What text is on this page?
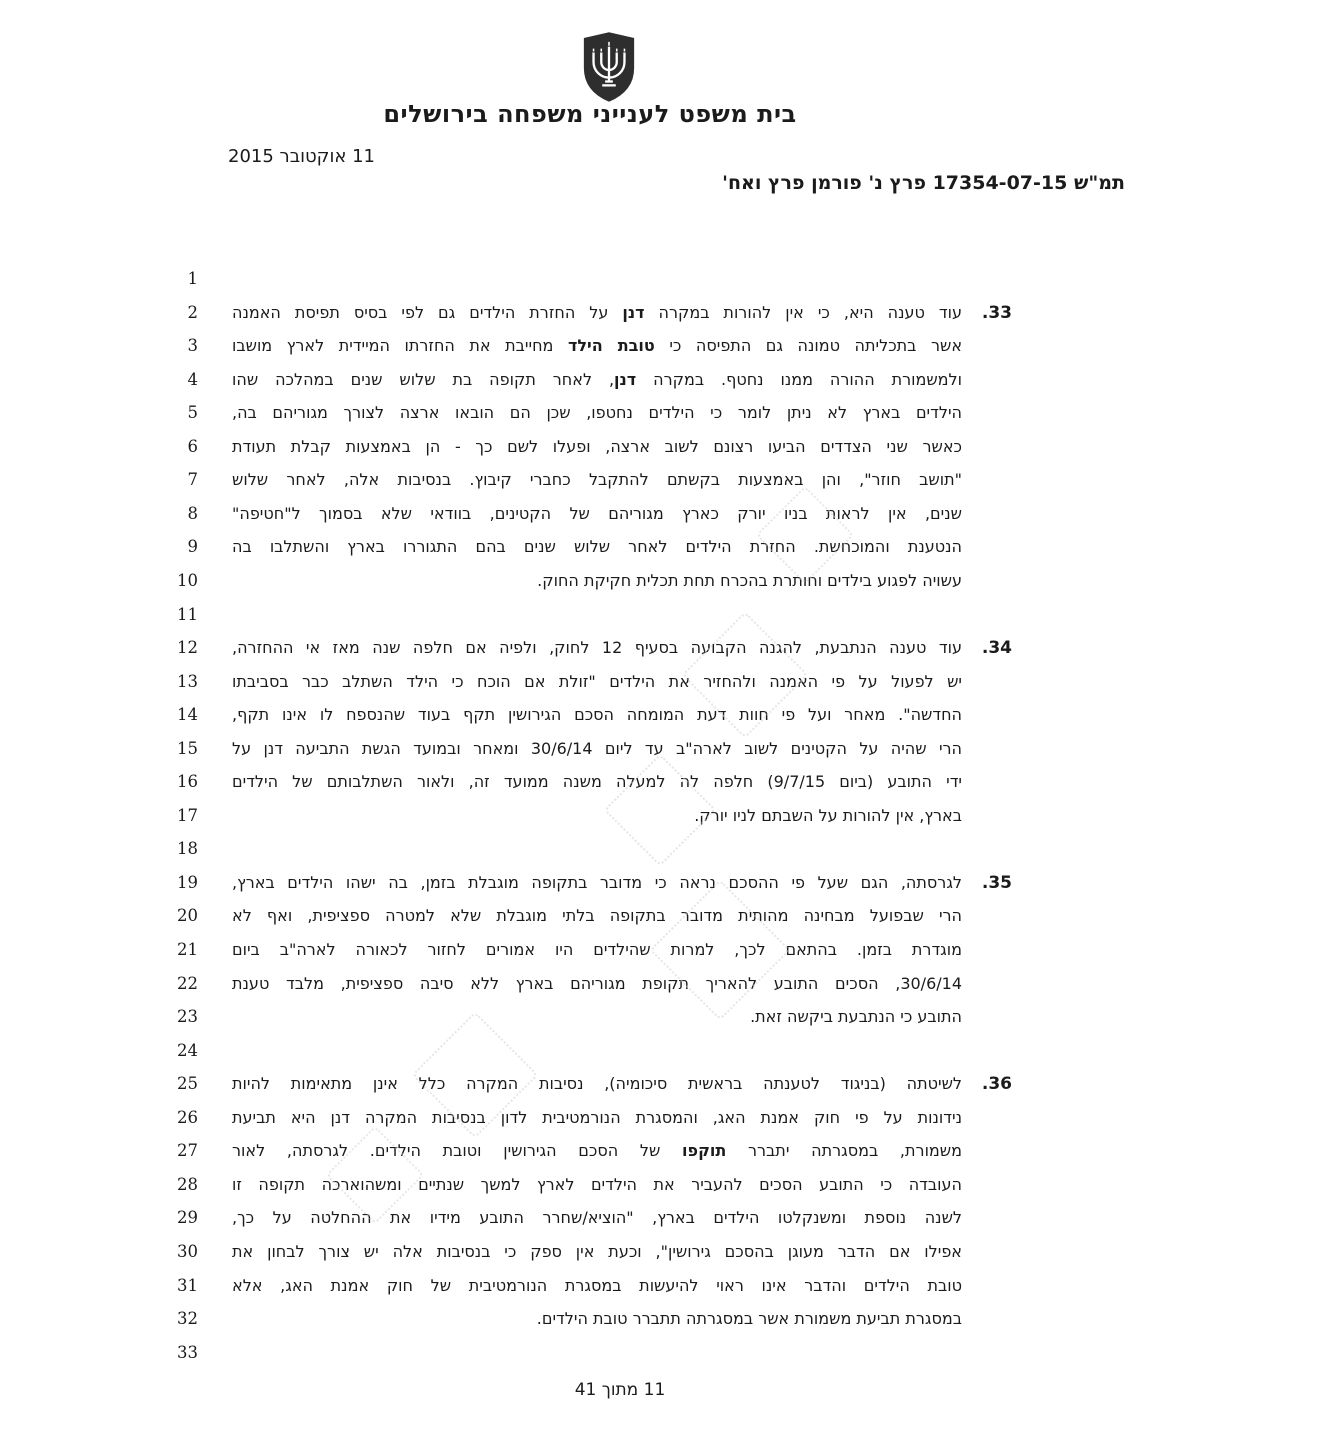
בית משפט לענייני משפחה בירושלים
11 אוקטובר 2015
תמ"ש 17354-07-15 פרץ נ' פורמן פרץ ואח'
1
2
3
4
5
6
7
8
9
10
11
12
13
14
15
16
17
18
19
20
21
22
23
24
25
26
27
28
29
30
31
32
33
33.
עוד טענה היא, כי אין להורות במקרה דנן על החזרת הילדים גם לפי בסיס תפיסת האמנה
אשר בתכליתה טמונה גם התפיסה כי טובת הילד מחייבת את החזרתו המיידית לארץ מושבו
ולמשמורת ההורה ממנו נחטף. במקרה דנן, לאחר תקופה בת שלוש שנים במהלכה שהו
הילדים בארץ לא ניתן לומר כי הילדים נחטפו, שכן הם הובאו ארצה לצורך מגוריהם בה,
כאשר שני הצדדים הביעו רצונם לשוב ארצה, ופעלו לשם כך - הן באמצעות קבלת תעודת
"תושב חוזר", והן באמצעות בקשתם להתקבל כחברי קיבוץ. בנסיבות אלה, לאחר שלוש
שנים, אין לראות בניו יורק כארץ מגוריהם של הקטינים, בוודאי שלא בסמוך ל"חטיפה"
הנטענת והמוכחשת. החזרת הילדים לאחר שלוש שנים בהם התגוררו בארץ והשתלבו בה
עשויה לפגוע בילדים וחותרת בהכרח תחת תכלית חקיקת החוק.
34.
עוד טענה הנתבעת, להגנה הקבועה בסעיף 12 לחוק, ולפיה אם חלפה שנה מאז אי ההחזרה,
יש לפעול על פי האמנה ולהחזיר את הילדים "זולת אם הוכח כי הילד השתלב כבר בסביבתו
החדשה". מאחר ועל פי חוות דעת המומחה הסכם הגירושין תקף בעוד שהנספח לו אינו תקף,
הרי שהיה על הקטינים לשוב לארה"ב עד ליום 30/6/14 ומאחר ובמועד הגשת התביעה דנן על
ידי התובע (ביום 9/7/15) חלפה לה למעלה משנה ממועד זה, ולאור השתלבותם של הילדים
בארץ, אין להורות על השבתם לניו יורק.
35.
לגרסתה, הגם שעל פי ההסכם נראה כי מדובר בתקופה מוגבלת בזמן, בה ישהו הילדים בארץ,
הרי שבפועל מבחינה מהותית מדובר בתקופה בלתי מוגבלת שלא למטרה ספציפית, ואף לא
מוגדרת בזמן. בהתאם לכך, למרות שהילדים היו אמורים לחזור לכאורה לארה"ב ביום
30/6/14, הסכים התובע להאריך תקופת מגוריהם בארץ ללא סיבה ספציפית, מלבד טענת
התובע כי הנתבעת ביקשה זאת.
36.
לשיטתה (בניגוד לטענתה בראשית סיכומיה), נסיבות המקרה כלל אינן מתאימות להיות
נידונות על פי חוק אמנת האג, והמסגרת הנורמטיבית לדון בנסיבות המקרה דנן היא תביעת
משמורת, במסגרתה יתברר תוקפו של הסכם הגירושין וטובת הילדים. לגרסתה, לאור
העובדה כי התובע הסכים להעביר את הילדים לארץ למשך שנתיים ומשהוארכה תקופה זו
לשנה נוספת ומשנקלטו הילדים בארץ, "הוציא/שחרר התובע מידיו את ההחלטה על כך,
אפילו אם הדבר מעוגן בהסכם גירושין", וכעת אין ספק כי בנסיבות אלה יש צורך לבחון את
טובת הילדים והדבר אינו ראוי להיעשות במסגרת הנורמטיבית של חוק אמנת האג, אלא
במסגרת תביעת משמורת אשר במסגרתה תתברר טובת הילדים.
11 מתוך 41
